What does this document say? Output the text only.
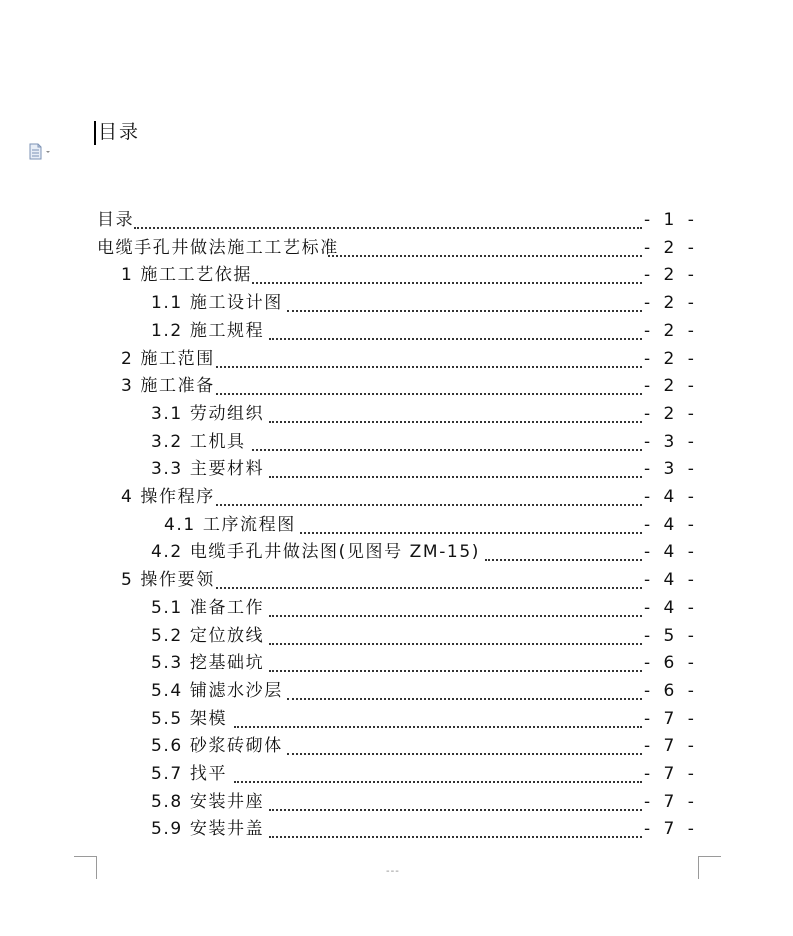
目录
目录	- 1 -
电缆手孔井做法施工工艺标准	- 2 -
1 施工工艺依据	- 2 -
1.1 施工设计图	- 2 -
1.2 施工规程	- 2 -
2 施工范围	- 2 -
3 施工准备	- 2 -
3.1 劳动组织	- 2 -
3.2 工机具	- 3 -
3.3 主要材料	- 3 -
4 操作程序	- 4 -
4.1 工序流程图	- 4 -
4.2 电缆手孔井做法图(见图号 ZM-15)	- 4 -
5 操作要领	- 4 -
5.1 准备工作	- 4 -
5.2 定位放线	- 5 -
5.3 挖基础坑	- 6 -
5.4 铺滤水沙层	- 6 -
5.5 架模	- 7 -
5.6 砂浆砖砌体	- 7 -
5.7 找平	- 7 -
5.8 安装井座	- 7 -
5.9 安装井盖	- 7 -
---
